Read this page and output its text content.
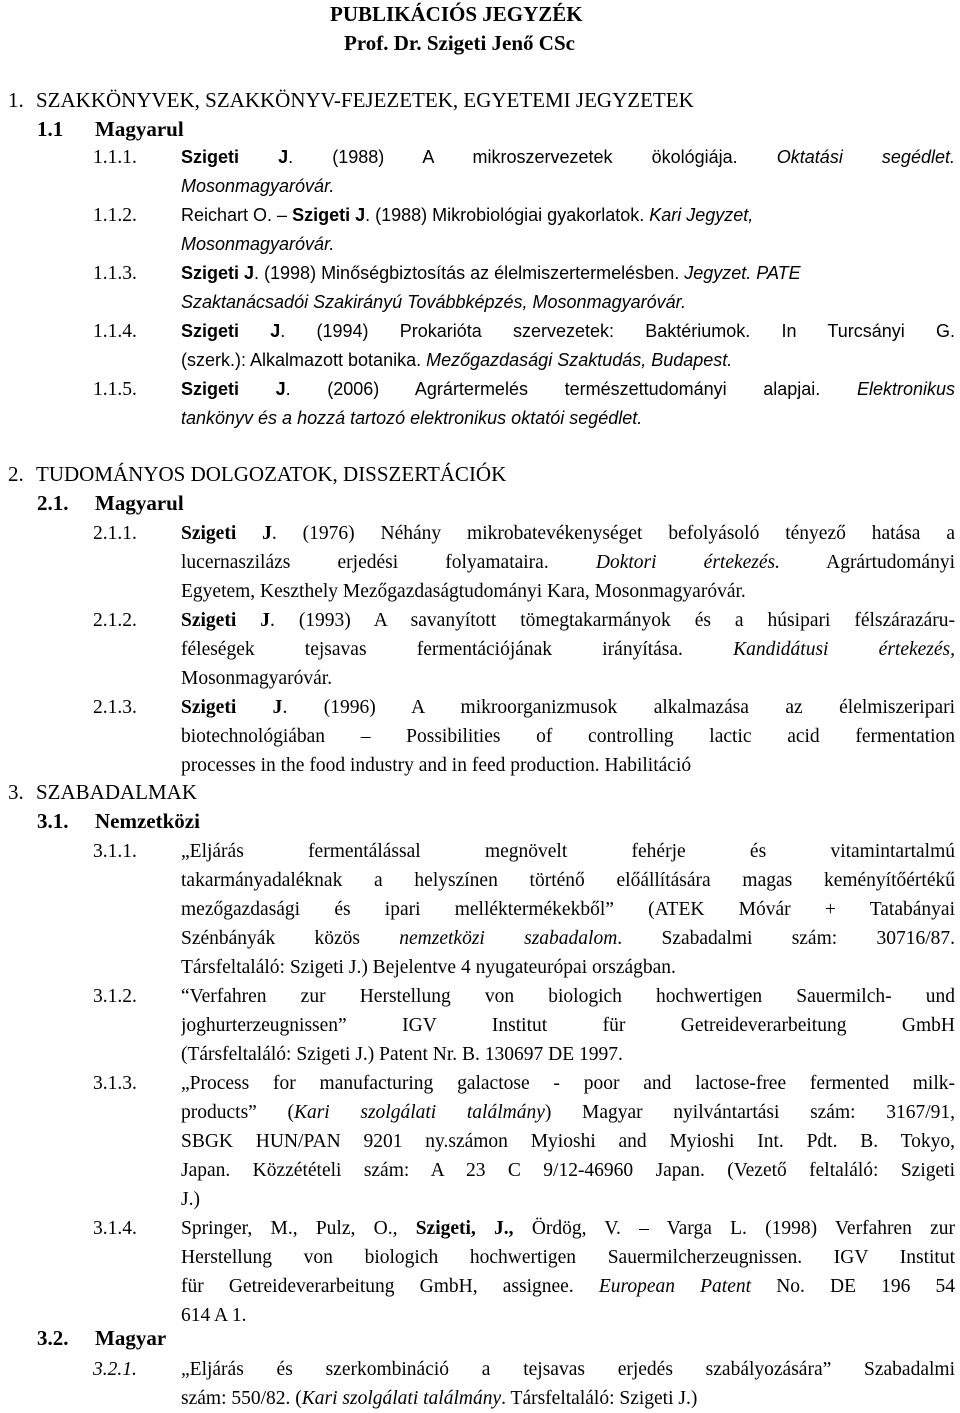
PUBLIKÁCIÓS JEGYZÉK
Prof. Dr. Szigeti Jenő CSc
1. SZAKKÖNYVEK, SZAKKÖNYV-FEJEZETEK, EGYETEMI JEGYZETEK
1.1 Magyarul
1.1.1. Szigeti J. (1988) A mikroszervezetek ökológiája. Oktatási segédlet.
Mosonmagyaróvár.
1.1.2. Reichart O. – Szigeti J. (1988) Mikrobiológiai gyakorlatok. Kari Jegyzet,
Mosonmagyaróvár.
1.1.3. Szigeti J. (1998) Minőségbiztosítás az élelmiszertermelésben. Jegyzet. PATE
Szaktanácsadói Szakirányú Továbbképzés, Mosonmagyaróvár.
1.1.4. Szigeti J. (1994) Prokarióta szervezetek: Baktériumok. In Turcsányi G.
(szerk.): Alkalmazott botanika. Mezőgazdasági Szaktudás, Budapest.
1.1.5. Szigeti J. (2006) Agrártermelés természettudományi alapjai. Elektronikus
tankönyv és a hozzá tartozó elektronikus oktatói segédlet.
2. TUDOMÁNYOS DOLGOZATOK, DISSZERTÁCIÓK
2.1. Magyarul
2.1.1. Szigeti J. (1976) Néhány mikrobatevékenységet befolyásoló tényező hatása a
lucernaszilázs erjedési folyamataira. Doktori értekezés. Agrártudományi
Egyetem, Keszthely Mezőgazdaságtudományi Kara, Mosonmagyaróvár.
2.1.2. Szigeti J. (1993) A savanyított tömegtakarmányok és a húsipari félszárazáru-
féleségek tejsavas fermentációjának irányítása.	Kandidátusi értekezés,
Mosonmagyaróvár.
2.1.3. Szigeti J. (1996) A mikroorganizmusok alkalmazása az élelmiszeripari
biotechnológiában – Possibilities of controlling lactic acid fermentation
processes in the food industry and in feed production. Habilitáció
3. SZABADALMAK
3.1. Nemzetközi
3.1.1. „Eljárás fermentálással megnövelt fehérje és vitamintartalmú
takarmányadaléknak a helyszínen történő előállítására magas keményítőértékű
mezőgazdasági és ipari melléktermékekből” (ATEK Móvár + Tatabányai
Szénbányák közös nemzetközi szabadalom. Szabadalmi szám: 30716/87.
Társfeltaláló: Szigeti J.) Bejelentve 4 nyugateurópai országban.
3.1.2. “Verfahren zur Herstellung von biologich hochwertigen Sauermilch- und
joghurterzeugnissen” IGV Institut für Getreideverarbeitung GmbH
(Társfeltaláló: Szigeti J.) Patent Nr. B. 130697 DE 1997.
3.1.3. „Process for manufacturing galactose - poor and lactose-free fermented milk-
products” (Kari szolgálati találmány) Magyar nyilvántartási szám: 3167/91,
SBGK HUN/PAN 9201 ny.számon Myioshi and Myioshi Int. Pdt. B. Tokyo,
Japan. Közzétételi szám: A 23 C 9/12-46960 Japan. (Vezető feltaláló: Szigeti
J.)
3.1.4. Springer, M., Pulz, O., Szigeti, J., Ördög, V. – Varga L. (1998) Verfahren zur
Herstellung von biologich hochwertigen Sauermilcherzeugnissen. IGV Institut
für Getreideverarbeitung GmbH, assignee. European Patent No. DE 196 54
614 A 1.
3.2. Magyar
3.2.1. „Eljárás és szerkombináció a tejsavas erjedés szabályozására” Szabadalmi
szám: 550/82. (Kari szolgálati találmány. Társfeltaláló: Szigeti J.)
